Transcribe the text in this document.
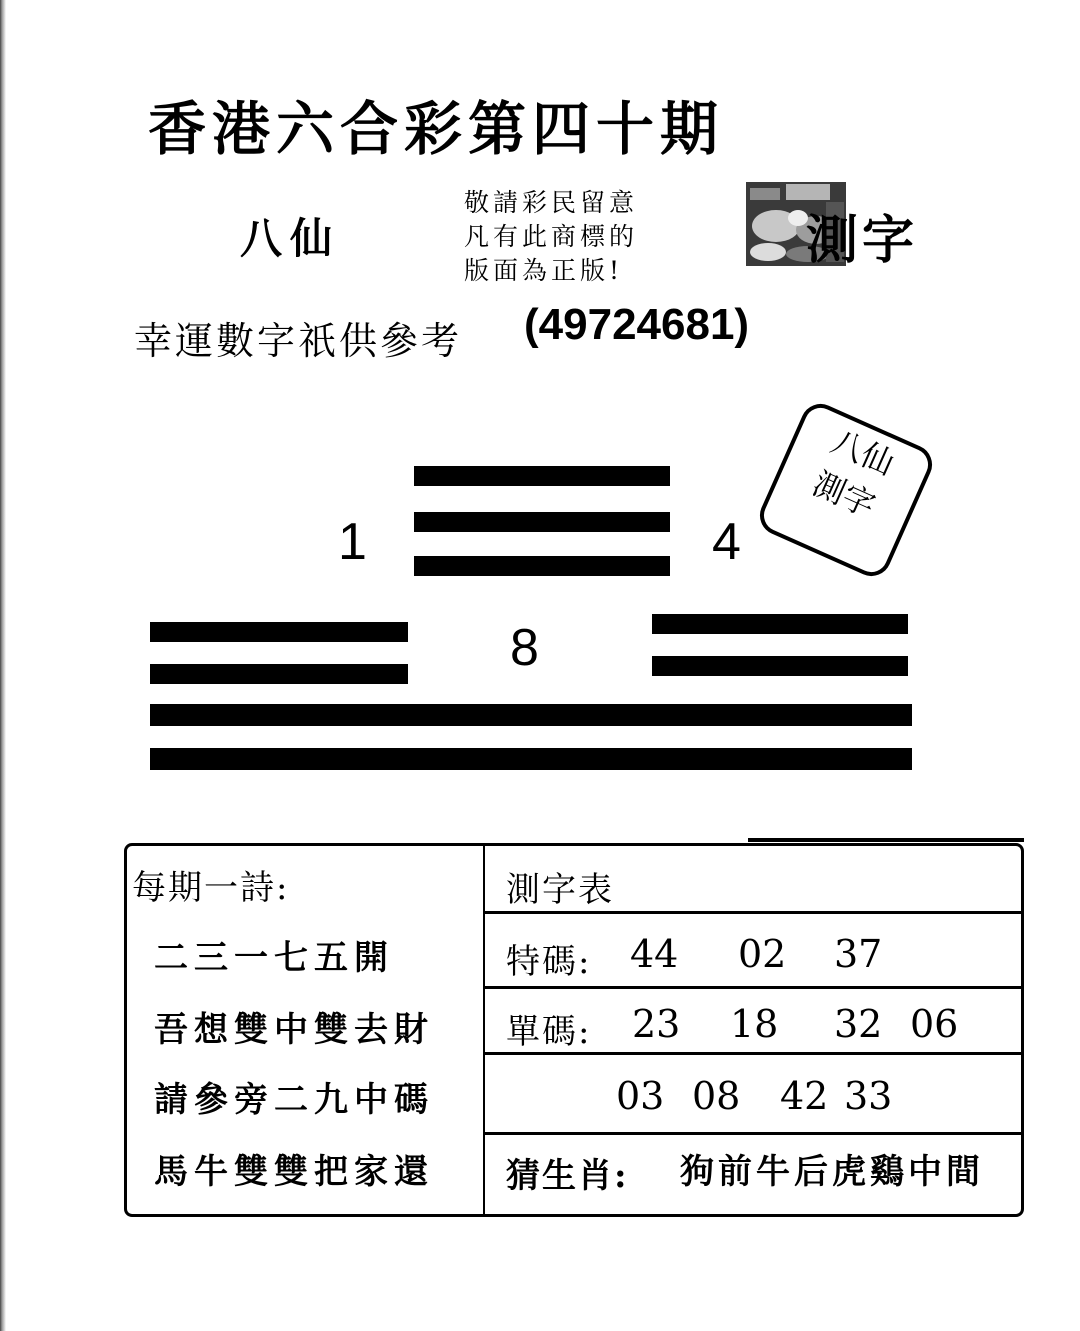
香港六合彩第四十期
八仙
敬請彩民留意
凡有此商標的
版面為正版!	測字
幸運數字祇供參考 (49724681)
1	4
8
八仙
測字
每期一詩:
二三一七五開
吾想雙中雙去財
請參旁二九中碼
馬牛雙雙把家還
測字表
特碼: 44 02 37
單碼: 23 18 32 06
03 08 42 33
猜生肖: 狗前牛后虎鷄中間
